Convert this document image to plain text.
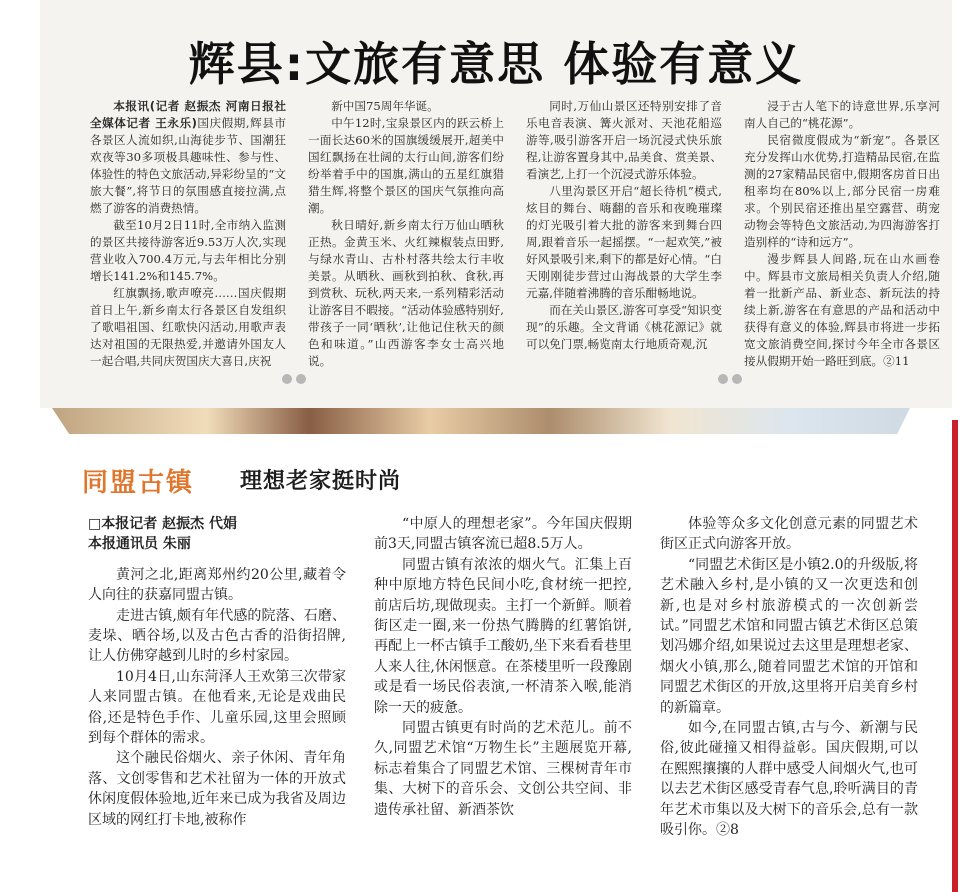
辉县:文旅有意思 体验有意义

本报讯(记者 赵振杰 河南日报社全媒体记者 王永乐)国庆假期,辉县市各景区人流如织,山海徒步节、国潮狂欢夜等30多项极具趣味性、参与性、体验性的特色文旅活动,异彩纷呈的“文旅大餐”,将节日的氛围感直接拉满,点燃了游客的消费热情。

截至10月2日11时,全市纳入监测的景区共接待游客近9.53万人次,实现营业收入700.4万元,与去年相比分别增长141.2%和145.7%。

红旗飘扬,歌声嘹亮……国庆假期首日上午,新乡南太行各景区自发组织了歌唱祖国、红歌快闪活动,用歌声表达对祖国的无限热爱,并邀请外国友人一起合唱,共同庆贺国庆大喜日,庆祝

新中国75周年华诞。

中午12时,宝泉景区内的跃云桥上一面长达60米的国旗缓缓展开,超美中国红飘扬在壮阔的太行山间,游客们纷纷举着手中的国旗,满山的五星红旗猎猎生辉,将整个景区的国庆气氛推向高潮。

秋日晴好,新乡南太行万仙山晒秋正热。金黄玉米、火红辣椒装点田野,与绿水青山、古朴村落共绘太行丰收美景。从晒秋、画秋到拍秋、食秋,再到赏秋、玩秋,两天来,一系列精彩活动让游客目不暇接。“活动体验感特别好,带孩子一同‘晒秋’,让他记住秋天的颜色和味道。”山西游客李女士高兴地说。

同时,万仙山景区还特别安排了音乐电音表演、篝火派对、天池花船巡游等,吸引游客开启一场沉浸式快乐旅程,让游客置身其中,品美食、赏美景、看演艺,上打一个沉浸式游乐体验。

八里沟景区开启“超长待机”模式,炫目的舞台、嗨翻的音乐和夜晚璀璨的灯光吸引着大批的游客来到舞台四周,跟着音乐一起摇摆。“一起欢笑,”被好风景吸引来,剩下的都是好心情。“白天刚刚徒步营过山海战景的大学生李元嘉,伴随着沸腾的音乐酣畅地说。

而在关山景区,游客可享受“知识变现”的乐趣。全文背诵《桃花源记》就可以免门票,畅览南太行地质奇观,沉

浸于古人笔下的诗意世界,乐享河南人自己的“桃花源”。

民宿微度假成为“新宠”。各景区充分发挥山水优势,打造精品民宿,在监测的27家精品民宿中,假期客房首日出租率均在80%以上,部分民宿一房难求。个别民宿还推出星空露营、萌宠动物会等特色文旅活动,为四海游客打造别样的“诗和远方”。

漫步辉县人间路,玩在山水画卷中。辉县市文旅局相关负责人介绍,随着一批新产品、新业态、新玩法的持续上新,游客在有意思的产品和活动中获得有意义的体验,辉县市将进一步拓宽文旅消费空间,探讨今年全市各景区接从假期开始一路旺到底。②11

同盟古镇 理想老家挺时尚

□本报记者 赵振杰 代娟
本报通讯员 朱丽

黄河之北,距离郑州约20公里,藏着令人向往的获嘉同盟古镇。

走进古镇,颇有年代感的院落、石磨、麦垛、晒谷场,以及古色古香的沿街招牌,让人仿佛穿越到儿时的乡村家园。

10月4日,山东菏泽人王欢第三次带家人来同盟古镇。在他看来,无论是戏曲民俗,还是特色手作、儿童乐园,这里会照顾到每个群体的需求。

这个融民俗烟火、亲子休闲、青年角落、文创零售和艺术社留为一体的开放式休闲度假体验地,近年来已成为我省及周边区域的网红打卡地,被称作

“中原人的理想老家”。今年国庆假期前3天,同盟古镇客流已超8.5万人。

同盟古镇有浓浓的烟火气。汇集上百种中原地方特色民间小吃,食材统一把控,前店后坊,现做现卖。主打一个新鲜。顺着街区走一圈,来一份热气腾腾的红薯馅饼,再配上一杯古镇手工酸奶,坐下来看看巷里人来人往,休闲惬意。在茶楼里听一段豫剧或是看一场民俗表演,一杯清茶入喉,能消除一天的疲惫。

同盟古镇更有时尚的艺术范儿。前不久,同盟艺术馆“万物生长”主题展览开幕,标志着集合了同盟艺术馆、三棵树青年市集、大树下的音乐会、文创公共空间、非遗传承社留、新酒茶饮

体验等众多文化创意元素的同盟艺术街区正式向游客开放。

“同盟艺术街区是小镇2.0的升级版,将艺术融入乡村,是小镇的又一次更迭和创新,也是对乡村旅游模式的一次创新尝试。”同盟艺术馆和同盟古镇艺术街区总策划冯娜介绍,如果说过去这里是理想老家、烟火小镇,那么,随着同盟艺术馆的开馆和同盟艺术街区的开放,这里将开启美育乡村的新篇章。

如今,在同盟古镇,古与今、新潮与民俗,彼此碰撞又相得益彰。国庆假期,可以在熙熙攘攘的人群中感受人间烟火气,也可以去艺术街区感受青春气息,聆听满目的青年艺术市集以及大树下的音乐会,总有一款吸引你。②8
